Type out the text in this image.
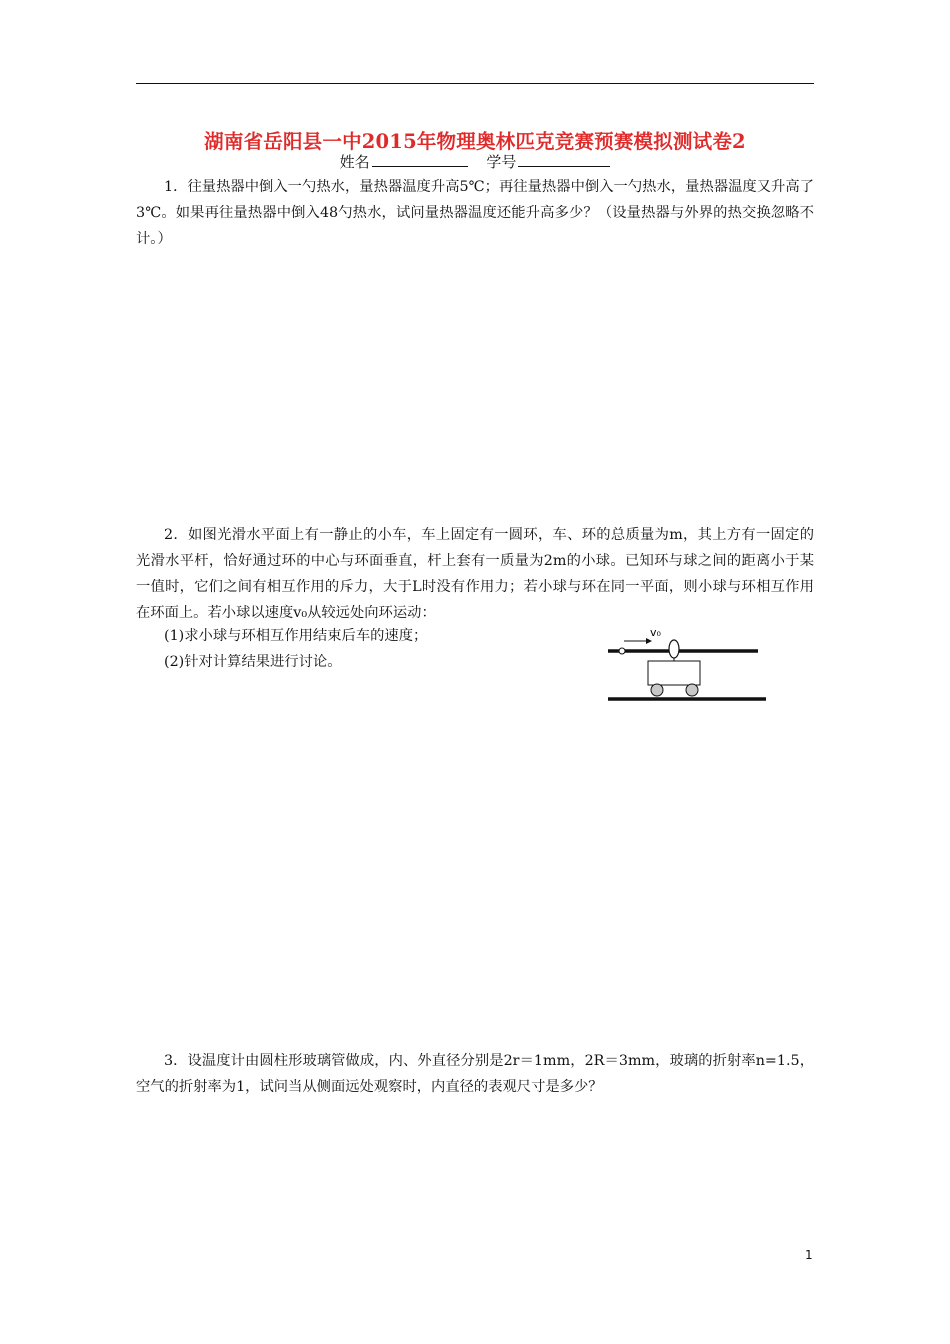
湖南省岳阳县一中2015年物理奥林匹克竞赛预赛模拟测试卷2
姓名	学号
1．往量热器中倒入一勺热水，量热器温度升高5℃；再往量热器中倒入一勺热水，量热器温度又升高了3℃。如果再往量热器中倒入48勺热水，试问量热器温度还能升高多少？（设量热器与外界的热交换忽略不计。）
2．如图光滑水平面上有一静止的小车，车上固定有一圆环，车、环的总质量为m，其上方有一固定的光滑水平杆，恰好通过环的中心与环面垂直，杆上套有一质量为2m的小球。已知环与球之间的距离小于某一值时，它们之间有相互作用的斥力，大于L时没有作用力；若小球与环在同一平面，则小球与环相互作用在环面上。若小球以速度v₀从较远处向环运动：
(1)求小球与环相互作用结束后车的速度；
(2)针对计算结果进行讨论。
v₀
3．设温度计由圆柱形玻璃管做成，内、外直径分别是2r＝1mm，2R＝3mm，玻璃的折射率n=1.5，空气的折射率为1，试问当从侧面远处观察时，内直径的表观尺寸是多少？
1
